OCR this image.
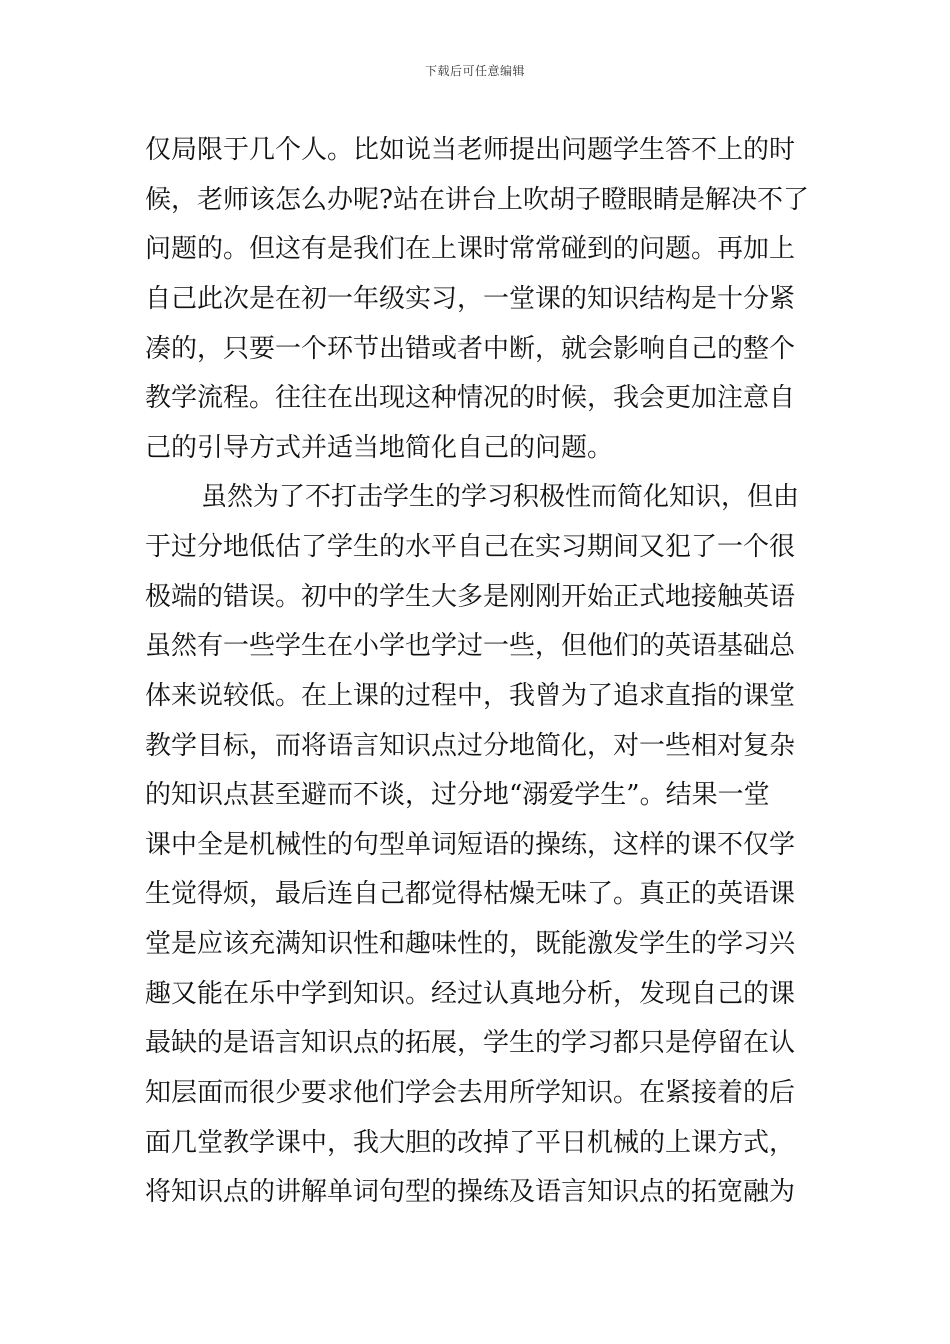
下载后可任意编辑
仅局限于几个人。比如说当老师提出问题学生答不上的时
候，老师该怎么办呢?站在讲台上吹胡子瞪眼睛是解决不了
问题的。但这有是我们在上课时常常碰到的问题。再加上
自己此次是在初一年级实习，一堂课的知识结构是十分紧
凑的，只要一个环节出错或者中断，就会影响自己的整个
教学流程。往往在出现这种情况的时候，我会更加注意自
己的引导方式并适当地简化自己的问题。
虽然为了不打击学生的学习积极性而简化知识，但由
于过分地低估了学生的水平自己在实习期间又犯了一个很
极端的错误。初中的学生大多是刚刚开始正式地接触英语
虽然有一些学生在小学也学过一些，但他们的英语基础总
体来说较低。在上课的过程中，我曾为了追求直指的课堂
教学目标，而将语言知识点过分地简化，对一些相对复杂
的知识点甚至避而不谈，过分地“溺爱学生”。结果一堂
课中全是机械性的句型单词短语的操练，这样的课不仅学
生觉得烦，最后连自己都觉得枯燥无味了。真正的英语课
堂是应该充满知识性和趣味性的，既能激发学生的学习兴
趣又能在乐中学到知识。经过认真地分析，发现自己的课
最缺的是语言知识点的拓展，学生的学习都只是停留在认
知层面而很少要求他们学会去用所学知识。在紧接着的后
面几堂教学课中，我大胆的改掉了平日机械的上课方式，
将知识点的讲解单词句型的操练及语言知识点的拓宽融为
